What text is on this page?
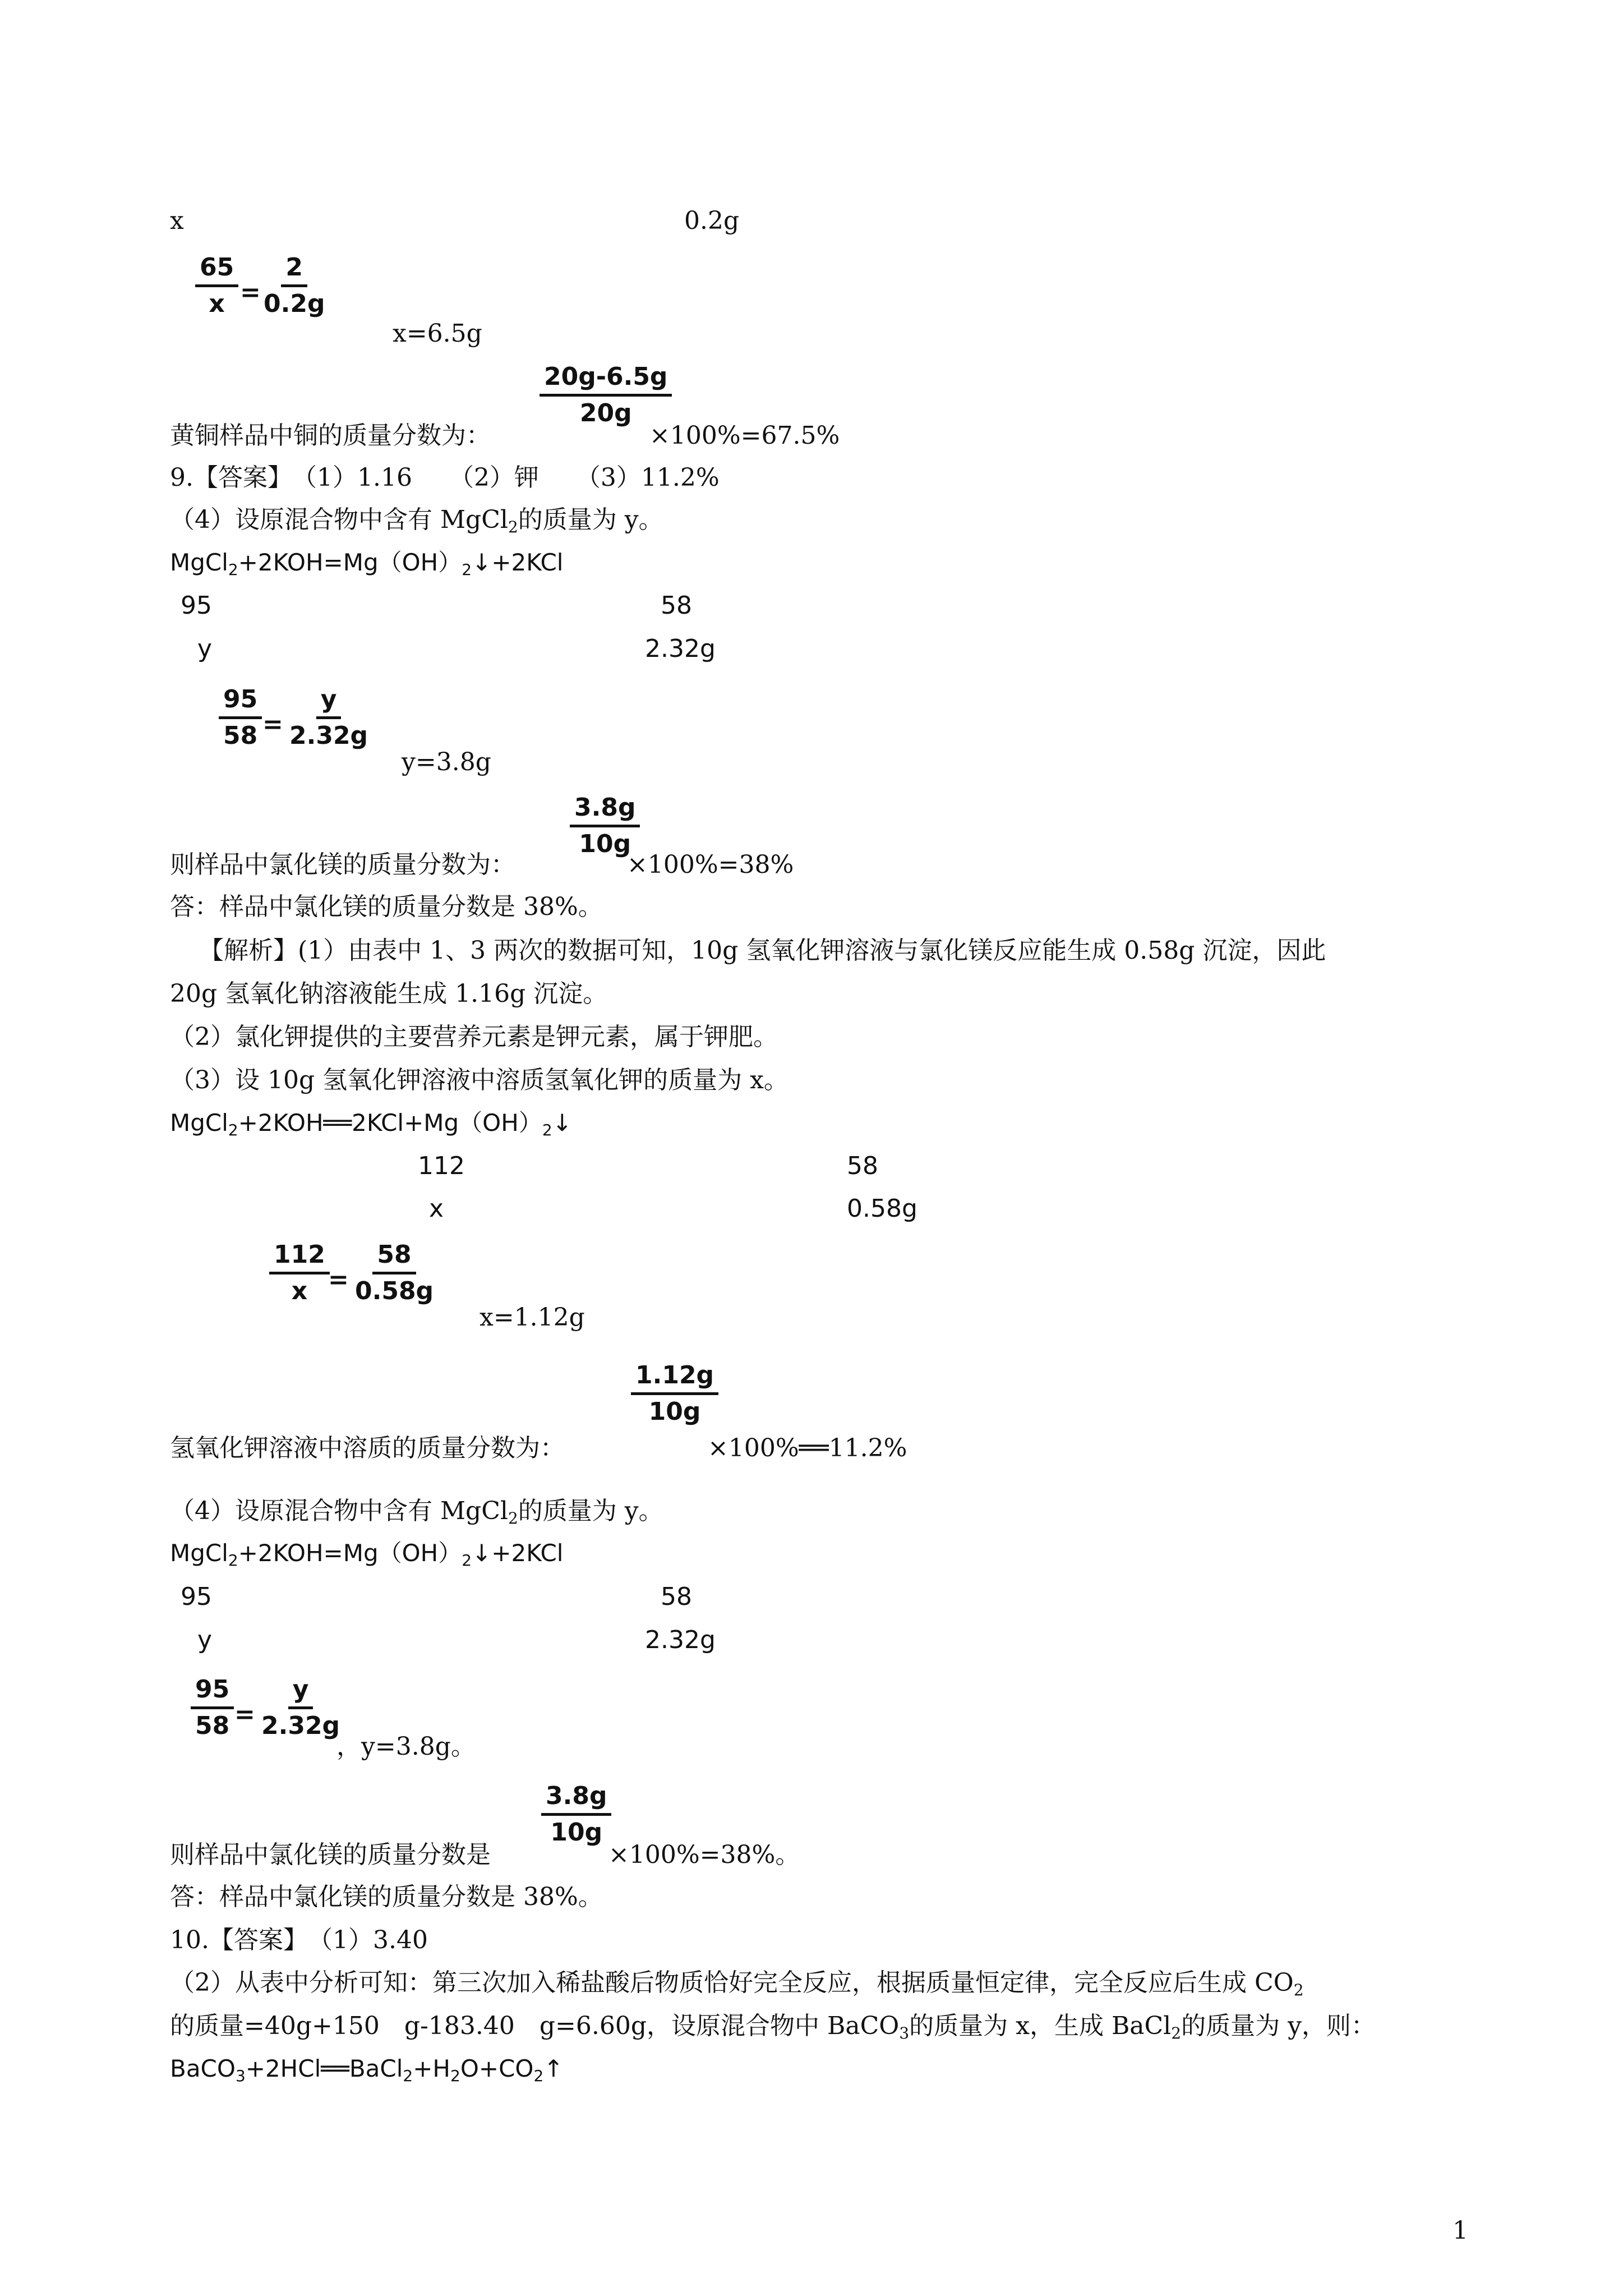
x	0.2g
$\frac{65}{x}$ =
$\frac{2}{0.2g}$
x=6.5g
$\frac{20g-6.5g}{20g}$
黄铜样品中铜的质量分数为：	×100%=67.5%
9.【答案】　（1）1.16　　（2）钾　　（3）11.2%
（4）设原混合物中含有 MgCl$_2$的质量为 y。
$MgCl_2+2KOH=Mg(OH)_2↓+2KCl$
95	58
y	2.32g
$\frac{95}{58} = \frac{y}{2.32g}$
y=3.8g
$\frac{3.8g}{10g}$
则样品中氯化镁的质量分数为：	×100%=38%
答：样品中氯化镁的质量分数是 38%。
【解析】(1）由表中 1、3 两次的数据可知，10g 氢氧化钾溶液与氯化镁反应能生成 0.58g 沉淀，因此
20g 氢氧化钠溶液能生成 1.16g 沉淀。
（2）氯化钾提供的主要营养元素是钾元素，属于钾肥。
（3）设 10g 氢氧化钾溶液中溶质氢氧化钾的质量为 x。
$MgCl_2+2KOH══2KCl+Mg(OH)_2↓$
112	58
x	0.58g
$\frac{112}{x}$
= $\frac{58}{0.58g}$
x=1.12g
$\frac{1.12g}{10g}$
氢氧化钾溶液中溶质的质量分数为：	×100%══11.2%
（4）设原混合物中含有 MgCl$_2$的质量为 y。
$MgCl_2+2KOH=Mg(OH)_2↓+2KCl$
95	58
y	2.32g
$\frac{95}{58} = \frac{y}{2.32g}$
，y=3.8g。
$\frac{3.8g}{10g}$
则样品中氯化镁的质量分数是	×100%=38%。
答：样品中氯化镁的质量分数是 38%。
10.【答案】　（1）3.40
（2）从表中分析可知：第三次加入稀盐酸后物质恰好完全反应，根据质量恒定律，完全反应后生成 $CO_2$
的质量=40g+150　g-183.40　g=6.60g，设原混合物中 BaCO$_3$的质量为 x，生成 BaCl$_2$的质量为 y，则：
$BaCO_3+2HCl══BaCl_2+H_2O+CO_2↑$
1
